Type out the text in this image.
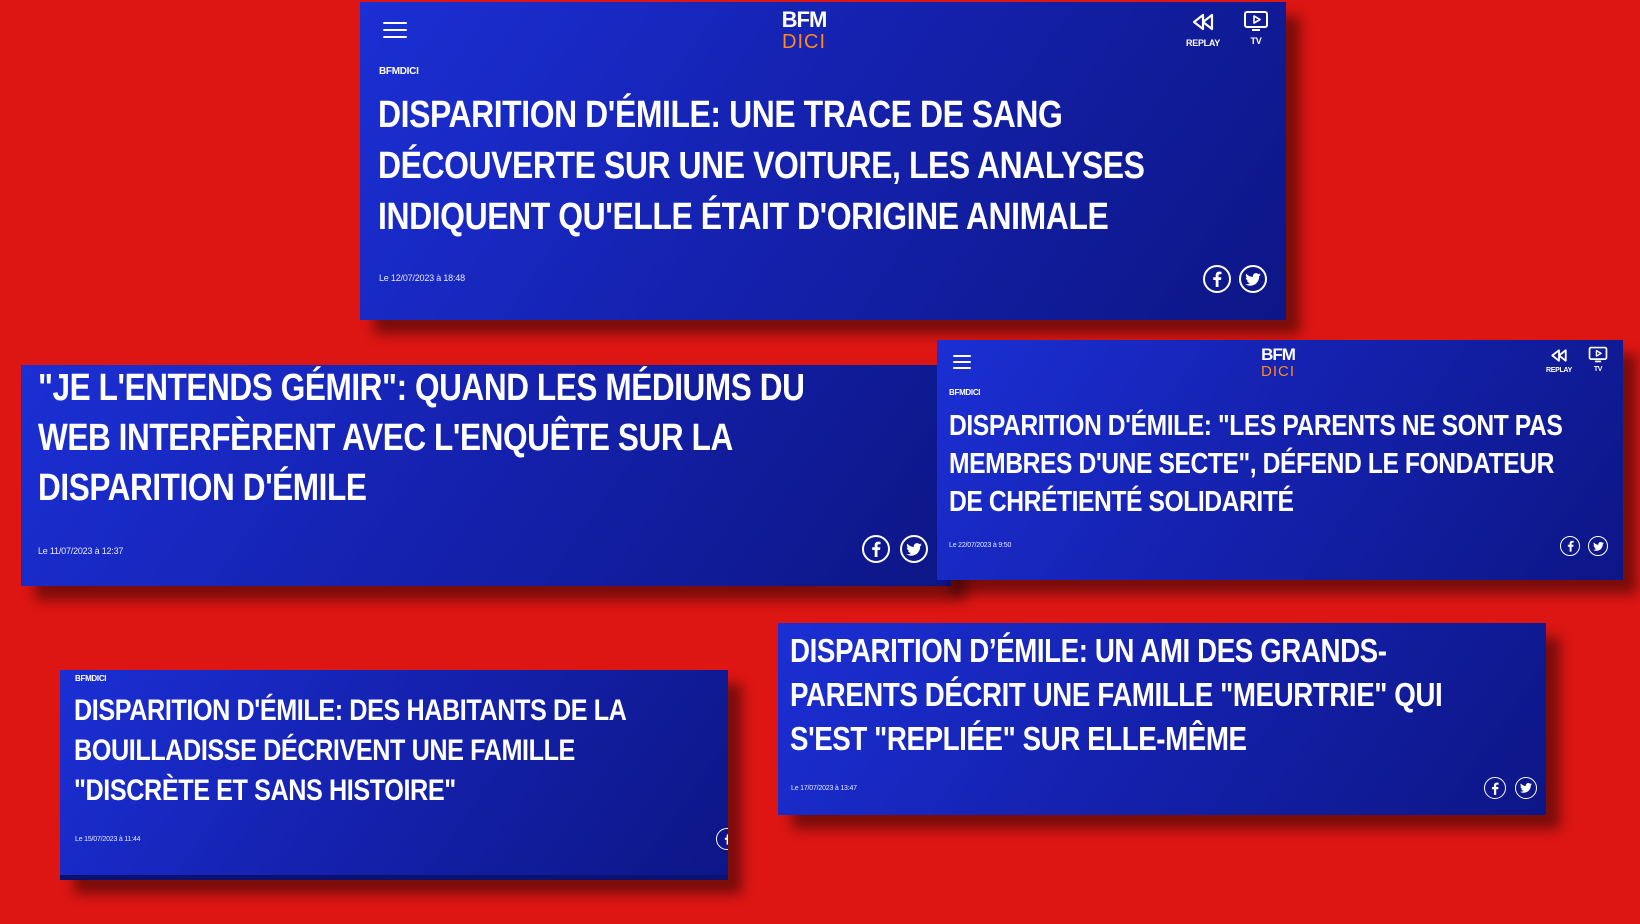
BFM
DICI	REPLAY	TV
BFMDICI
DISPARITION D'ÉMILE: UNE TRACE DE SANG
DÉCOUVERTE SUR UNE VOITURE, LES ANALYSES
INDIQUENT QU'ELLE ÉTAIT D'ORIGINE ANIMALE
Le 12/07/2023 à 18:48
"JE L'ENTENDS GÉMIR": QUAND LES MÉDIUMS DU
WEB INTERFÈRENT AVEC L'ENQUÊTE SUR LA
DISPARITION D'ÉMILE
Le 11/07/2023 à 12:37
BFM
DICI	REPLAY	TV
BFMDICI
DISPARITION D'ÉMILE: "LES PARENTS NE SONT PAS
MEMBRES D'UNE SECTE", DÉFEND LE FONDATEUR
DE CHRÉTIENTÉ SOLIDARITÉ
Le 22/07/2023 à 9:50
BFMDICI
DISPARITION D'ÉMILE: DES HABITANTS DE LA
BOUILLADISSE DÉCRIVENT UNE FAMILLE
"DISCRÈTE ET SANS HISTOIRE"
Le 15/07/2023 à 11:44
DISPARITION D’ÉMILE: UN AMI DES GRANDS-
PARENTS DÉCRIT UNE FAMILLE "MEURTRIE" QUI
S'EST "REPLIÉE" SUR ELLE-MÊME
Le 17/07/2023 à 13:47
